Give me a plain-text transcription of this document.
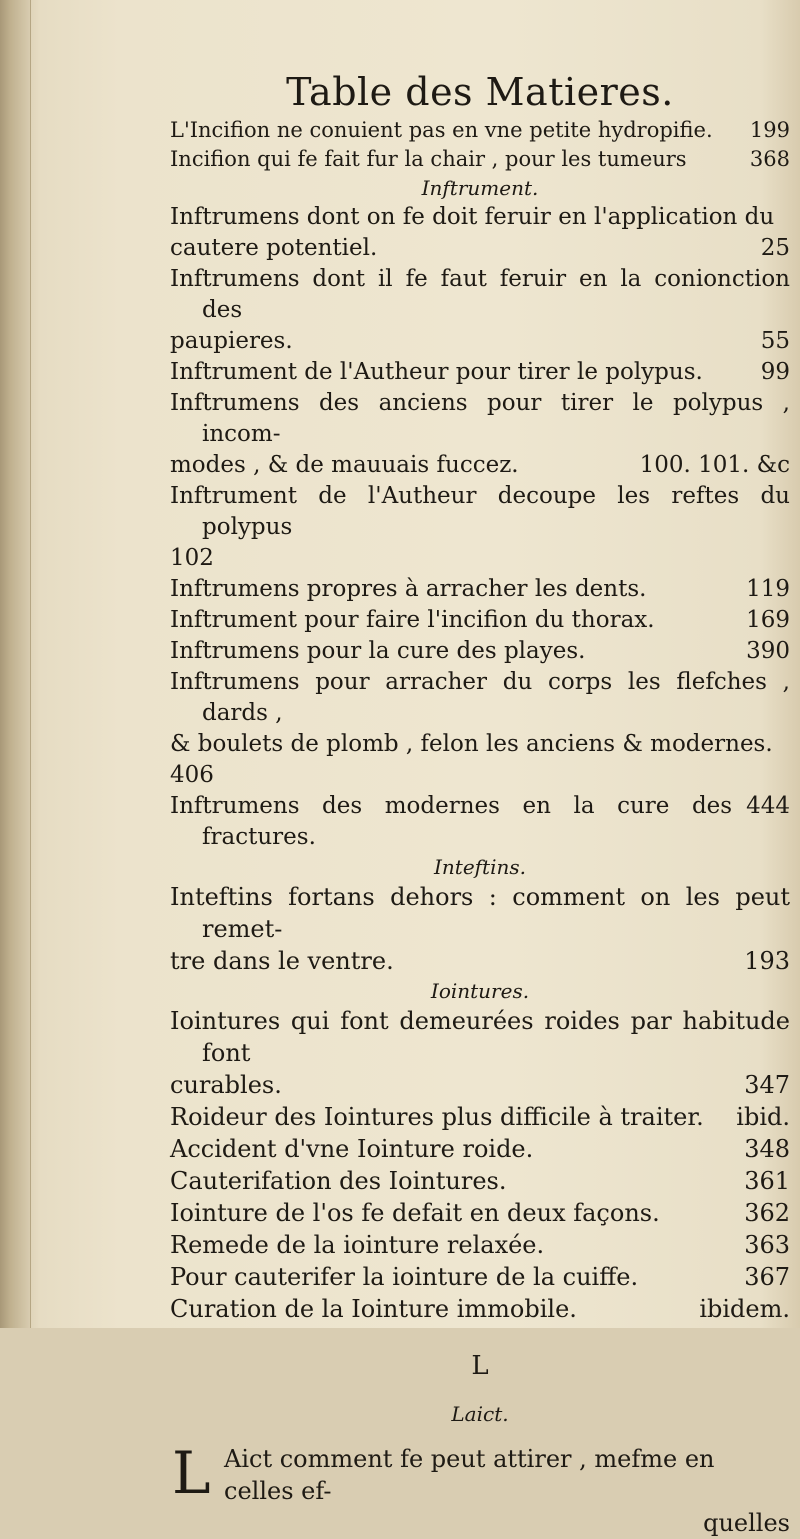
Table des Matieres.
199
L'Incifion ne conuient pas en vne petite hydropifie.
368
Incifion qui fe fait fur la chair , pour les tumeurs
Inftrument.
Inftrumens dont on fe doit feruir en l'application du
25
cautere potentiel.
Inftrumens dont il fe faut feruir en la conionction des
55
paupieres.
99
Inftrument de l'Autheur pour tirer le polypus.
Inftrumens des anciens pour tirer le polypus , incom-
100. 101. &c
modes , & de mauuais fuccez.
Inftrument de l'Autheur decoupe les reftes du polypus
102
119
Inftrumens propres à arracher les dents.
169
Inftrument pour faire l'incifion du thorax.
390
Inftrumens pour la cure des playes.
Inftrumens pour arracher du corps les flefches , dards ,
& boulets de plomb , felon les anciens & modernes.
406
444
Inftrumens des modernes en la cure des fractures.
Inteftins.
Inteftins fortans dehors : comment on les peut remet-
193
tre dans le ventre.
Iointures.
Iointures qui font demeurées roides par habitude font
347
curables.
ibid.
Roideur des Iointures plus difficile à traiter.
348
Accident d'vne Iointure roide.
361
Cauterifation des Iointures.
362
Iointure de l'os fe defait en deux façons.
363
Remede de la iointure relaxée.
367
Pour cauterifer la iointure de la cuiffe.
ibidem.
Curation de la Iointure immobile.
L
Laict.
L Aict comment fe peut attirer , mefme en celles ef-
quelles
